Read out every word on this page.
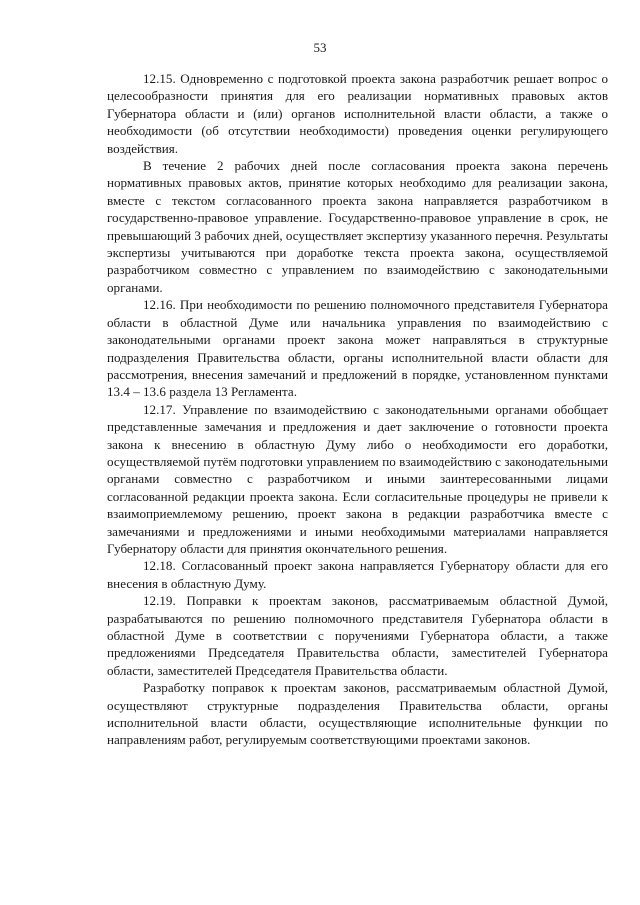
53

12.15. Одновременно с подготовкой проекта закона разработчик решает вопрос о целесообразности принятия для его реализации нормативных правовых актов Губернатора области и (или) органов исполнительной власти области, а также о необходимости (об отсутствии необходимости) проведения оценки регулирующего воздействия.

В течение 2 рабочих дней после согласования проекта закона перечень нормативных правовых актов, принятие которых необходимо для реализации закона, вместе с текстом согласованного проекта закона направляется разработчиком в государственно-правовое управление. Государственно-правовое управление в срок, не превышающий 3 рабочих дней, осуществляет экспертизу указанного перечня. Результаты экспертизы учитываются при доработке текста проекта закона, осуществляемой разработчиком совместно с управлением по взаимодействию с законодательными органами.

12.16. При необходимости по решению полномочного представителя Губернатора области в областной Думе или начальника управления по взаимодействию с законодательными органами проект закона может направляться в структурные подразделения Правительства области, органы исполнительной власти области для рассмотрения, внесения замечаний и предложений в порядке, установленном пунктами 13.4 – 13.6 раздела 13 Регламента.

12.17. Управление по взаимодействию с законодательными органами обобщает представленные замечания и предложения и дает заключение о готовности проекта закона к внесению в областную Думу либо о необходимости его доработки, осуществляемой путём подготовки управлением по взаимодействию с законодательными органами совместно с разработчиком и иными заинтересованными лицами согласованной редакции проекта закона. Если согласительные процедуры не привели к взаимоприемлемому решению, проект закона в редакции разработчика вместе с замечаниями и предложениями и иными необходимыми материалами направляется Губернатору области для принятия окончательного решения.

12.18. Согласованный проект закона направляется Губернатору области для его внесения в областную Думу.

12.19. Поправки к проектам законов, рассматриваемым областной Думой, разрабатываются по решению полномочного представителя Губернатора области в областной Думе в соответствии с поручениями Губернатора области, а также предложениями Председателя Правительства области, заместителей Губернатора области, заместителей Председателя Правительства области.

Разработку поправок к проектам законов, рассматриваемым областной Думой, осуществляют структурные подразделения Правительства области, органы исполнительной власти области, осуществляющие исполнительные функции по направлениям работ, регулируемым соответствующими проектами законов.
